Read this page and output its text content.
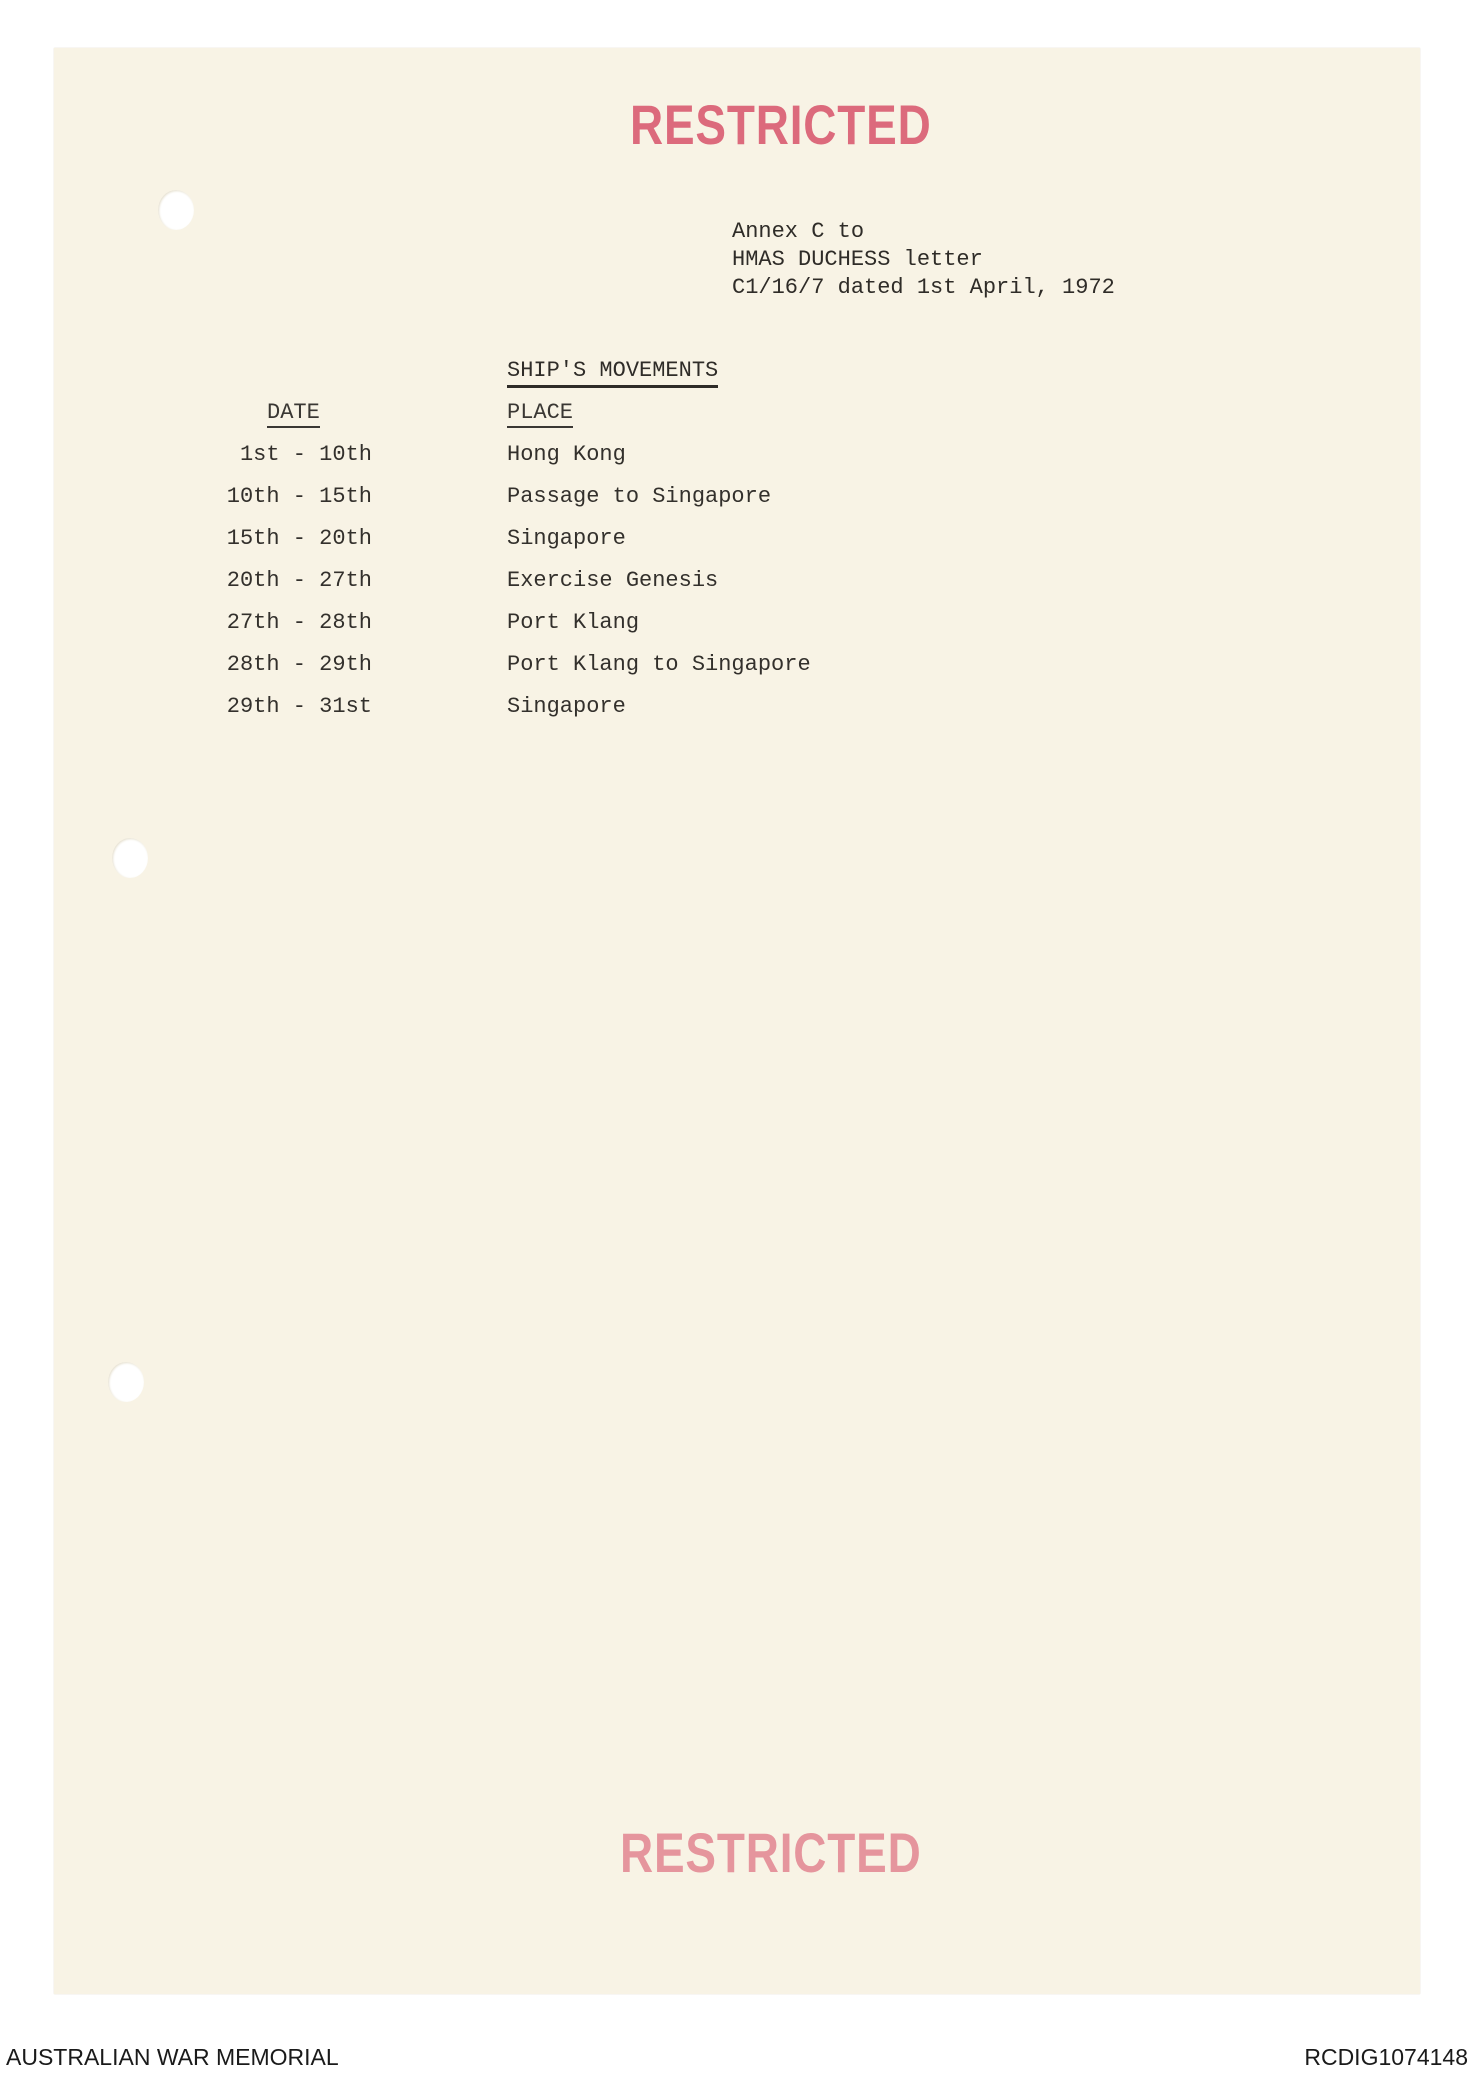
RESTRICTED
Annex C to
HMAS DUCHESS letter
C1/16/7 dated 1st April, 1972
SHIP'S MOVEMENTS
DATE	PLACE
1st - 10th	Hong Kong
10th - 15th	Passage to Singapore
15th - 20th	Singapore
20th - 27th	Exercise Genesis
27th - 28th	Port Klang
28th - 29th	Port Klang to Singapore
29th - 31st	Singapore
RESTRICTED
AUSTRALIAN WAR MEMORIAL	RCDIG1074148
